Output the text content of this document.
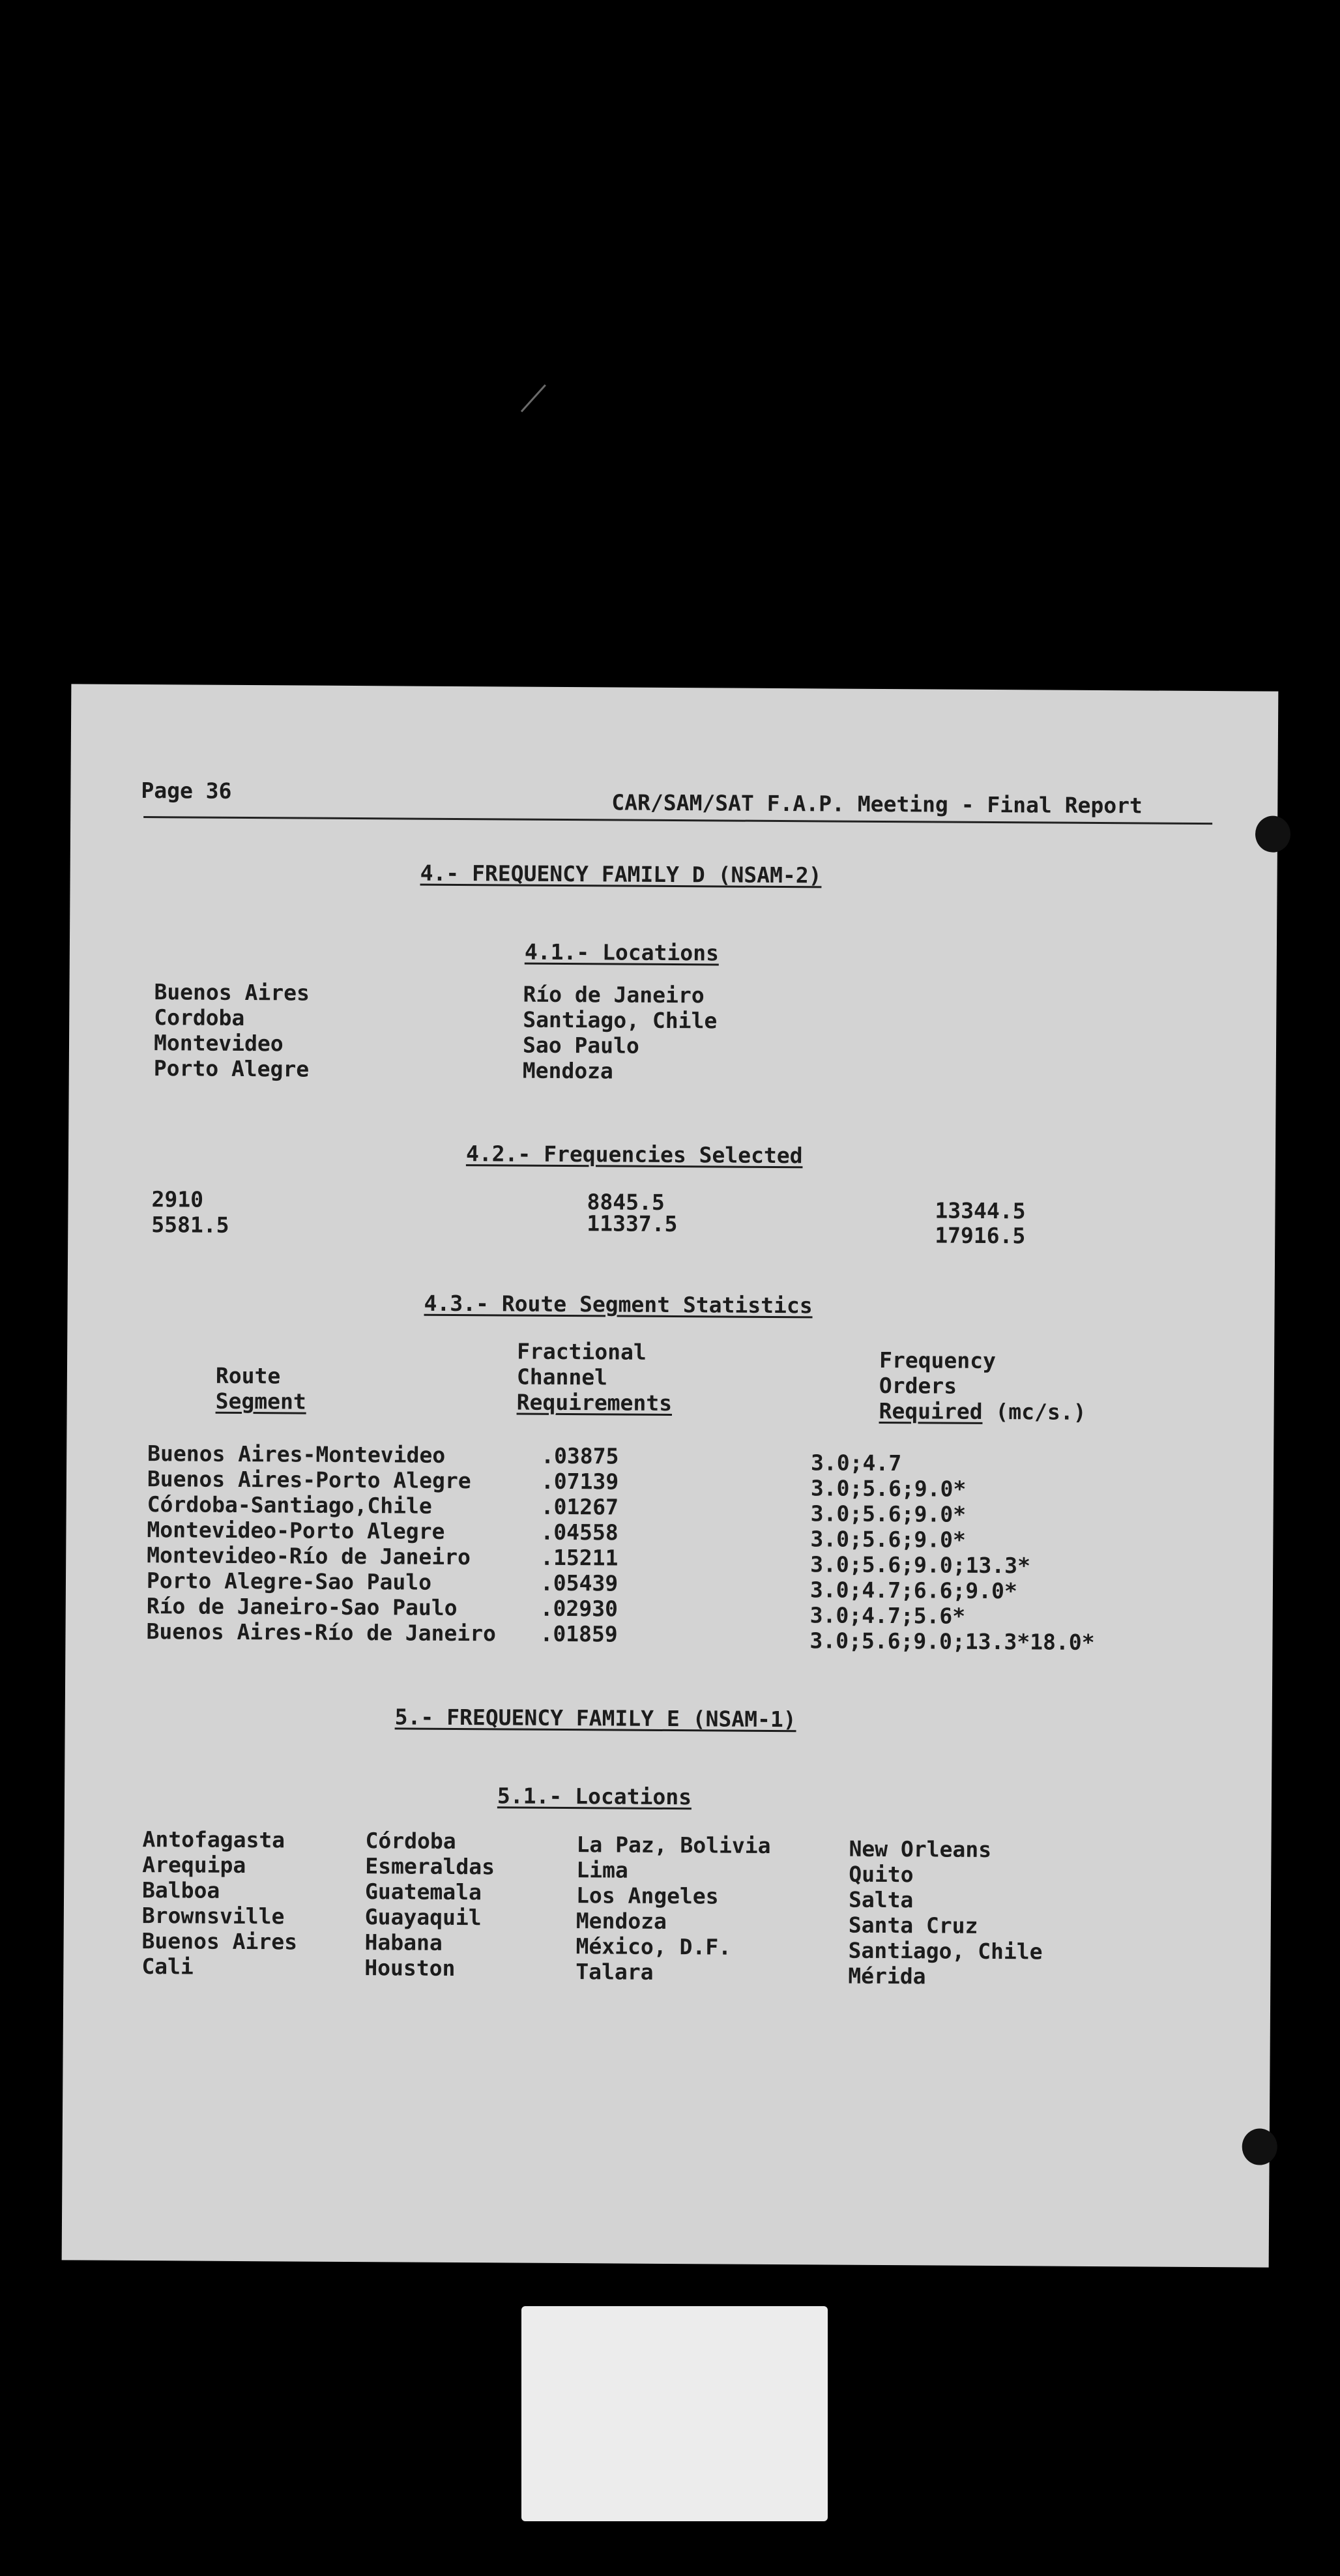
Page 36	CAR/SAM/SAT F.A.P. Meeting - Final Report
4.- FREQUENCY FAMILY D (NSAM-2)
4.1.- Locations
Buenos Aires
Cordoba
Montevideo
Porto Alegre
Río de Janeiro
Santiago, Chile
Sao Paulo
Mendoza
4.2.- Frequencies Selected
2910
5581.5
8845.5
11337.5	13344.5
17916.5
4.3.- Route Segment Statistics
Route
Segment
Fractional
Channel
Requirements
Frequency
Orders
Required (mc/s.)
Buenos Aires-Montevideo
Buenos Aires-Porto Alegre
Córdoba-Santiago,Chile
Montevideo-Porto Alegre
Montevideo-Río de Janeiro
Porto Alegre-Sao Paulo
Río de Janeiro-Sao Paulo
Buenos Aires-Río de Janeiro
.03875
.07139
.01267
.04558
.15211
.05439
.02930
.01859
3.0;4.7
3.0;5.6;9.0*
3.0;5.6;9.0*
3.0;5.6;9.0*
3.0;5.6;9.0;13.3*
3.0;4.7;6.6;9.0*
3.0;4.7;5.6*
3.0;5.6;9.0;13.3*18.0*
5.- FREQUENCY FAMILY E (NSAM-1)
5.1.- Locations
Antofagasta
Arequipa
Balboa
Brownsville
Buenos Aires
Cali
Córdoba
Esmeraldas
Guatemala
Guayaquil
Habana
Houston
La Paz, Bolivia
Lima
Los Angeles
Mendoza
México, D.F.
Talara
New Orleans
Quito
Salta
Santa Cruz
Santiago, Chile
Mérida
